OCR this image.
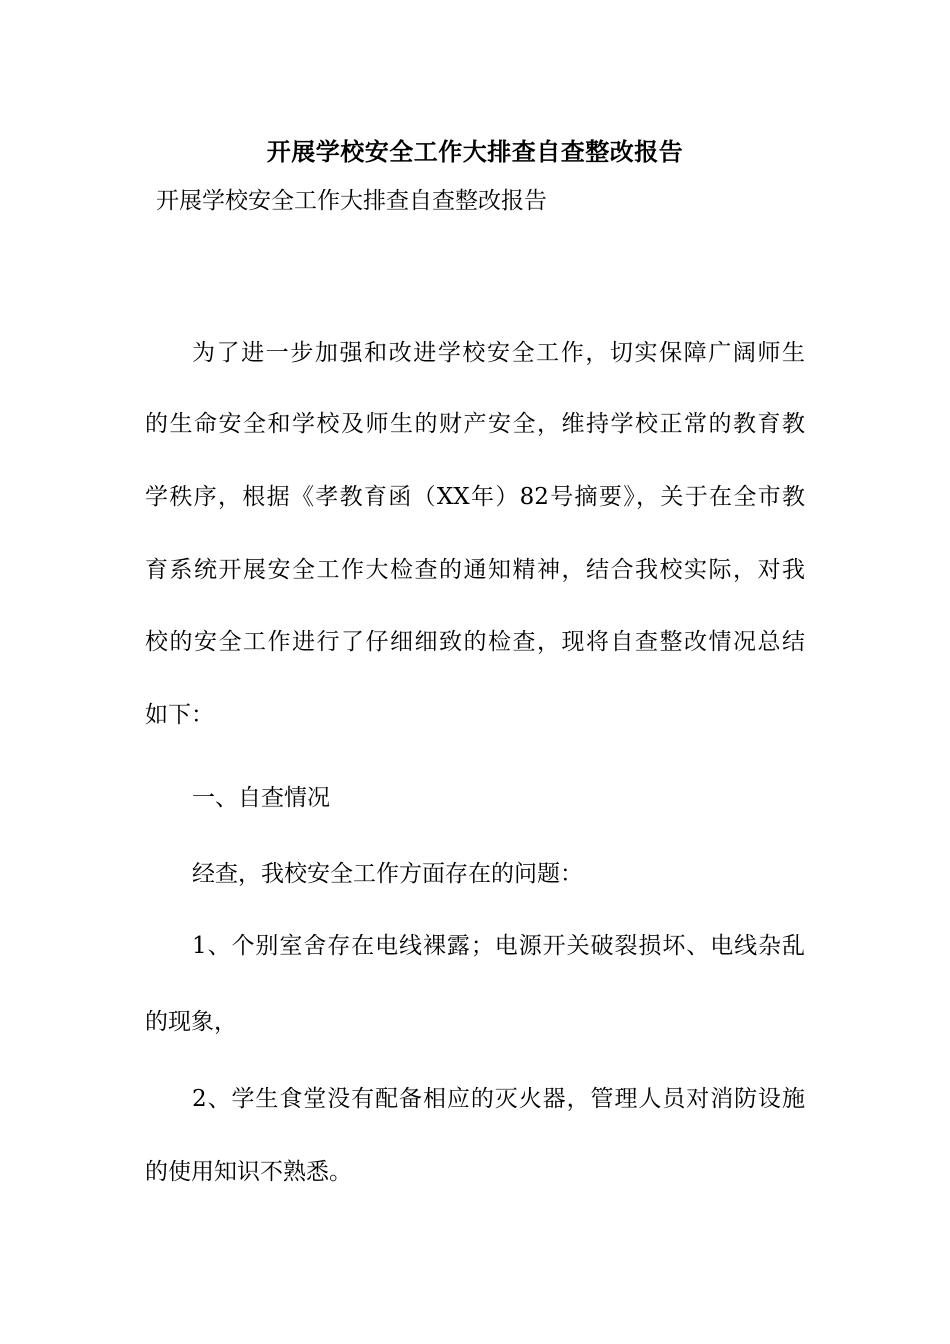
开展学校安全工作大排查自查整改报告
开展学校安全工作大排查自查整改报告
为了进一步加强和改进学校安全工作，切实保障广阔师生
的生命安全和学校及师生的财产安全，维持学校正常的教育教
学秩序，根据《孝教育函（XX年）82号摘要》，关于在全市教
育系统开展安全工作大检查的通知精神，结合我校实际，对我
校的安全工作进行了仔细细致的检查，现将自查整改情况总结
如下：
一、自查情况
经查，我校安全工作方面存在的问题：
1、个别室舍存在电线裸露；电源开关破裂损坏、电线杂乱
的现象，
2、学生食堂没有配备相应的灭火器，管理人员对消防设施
的使用知识不熟悉。
